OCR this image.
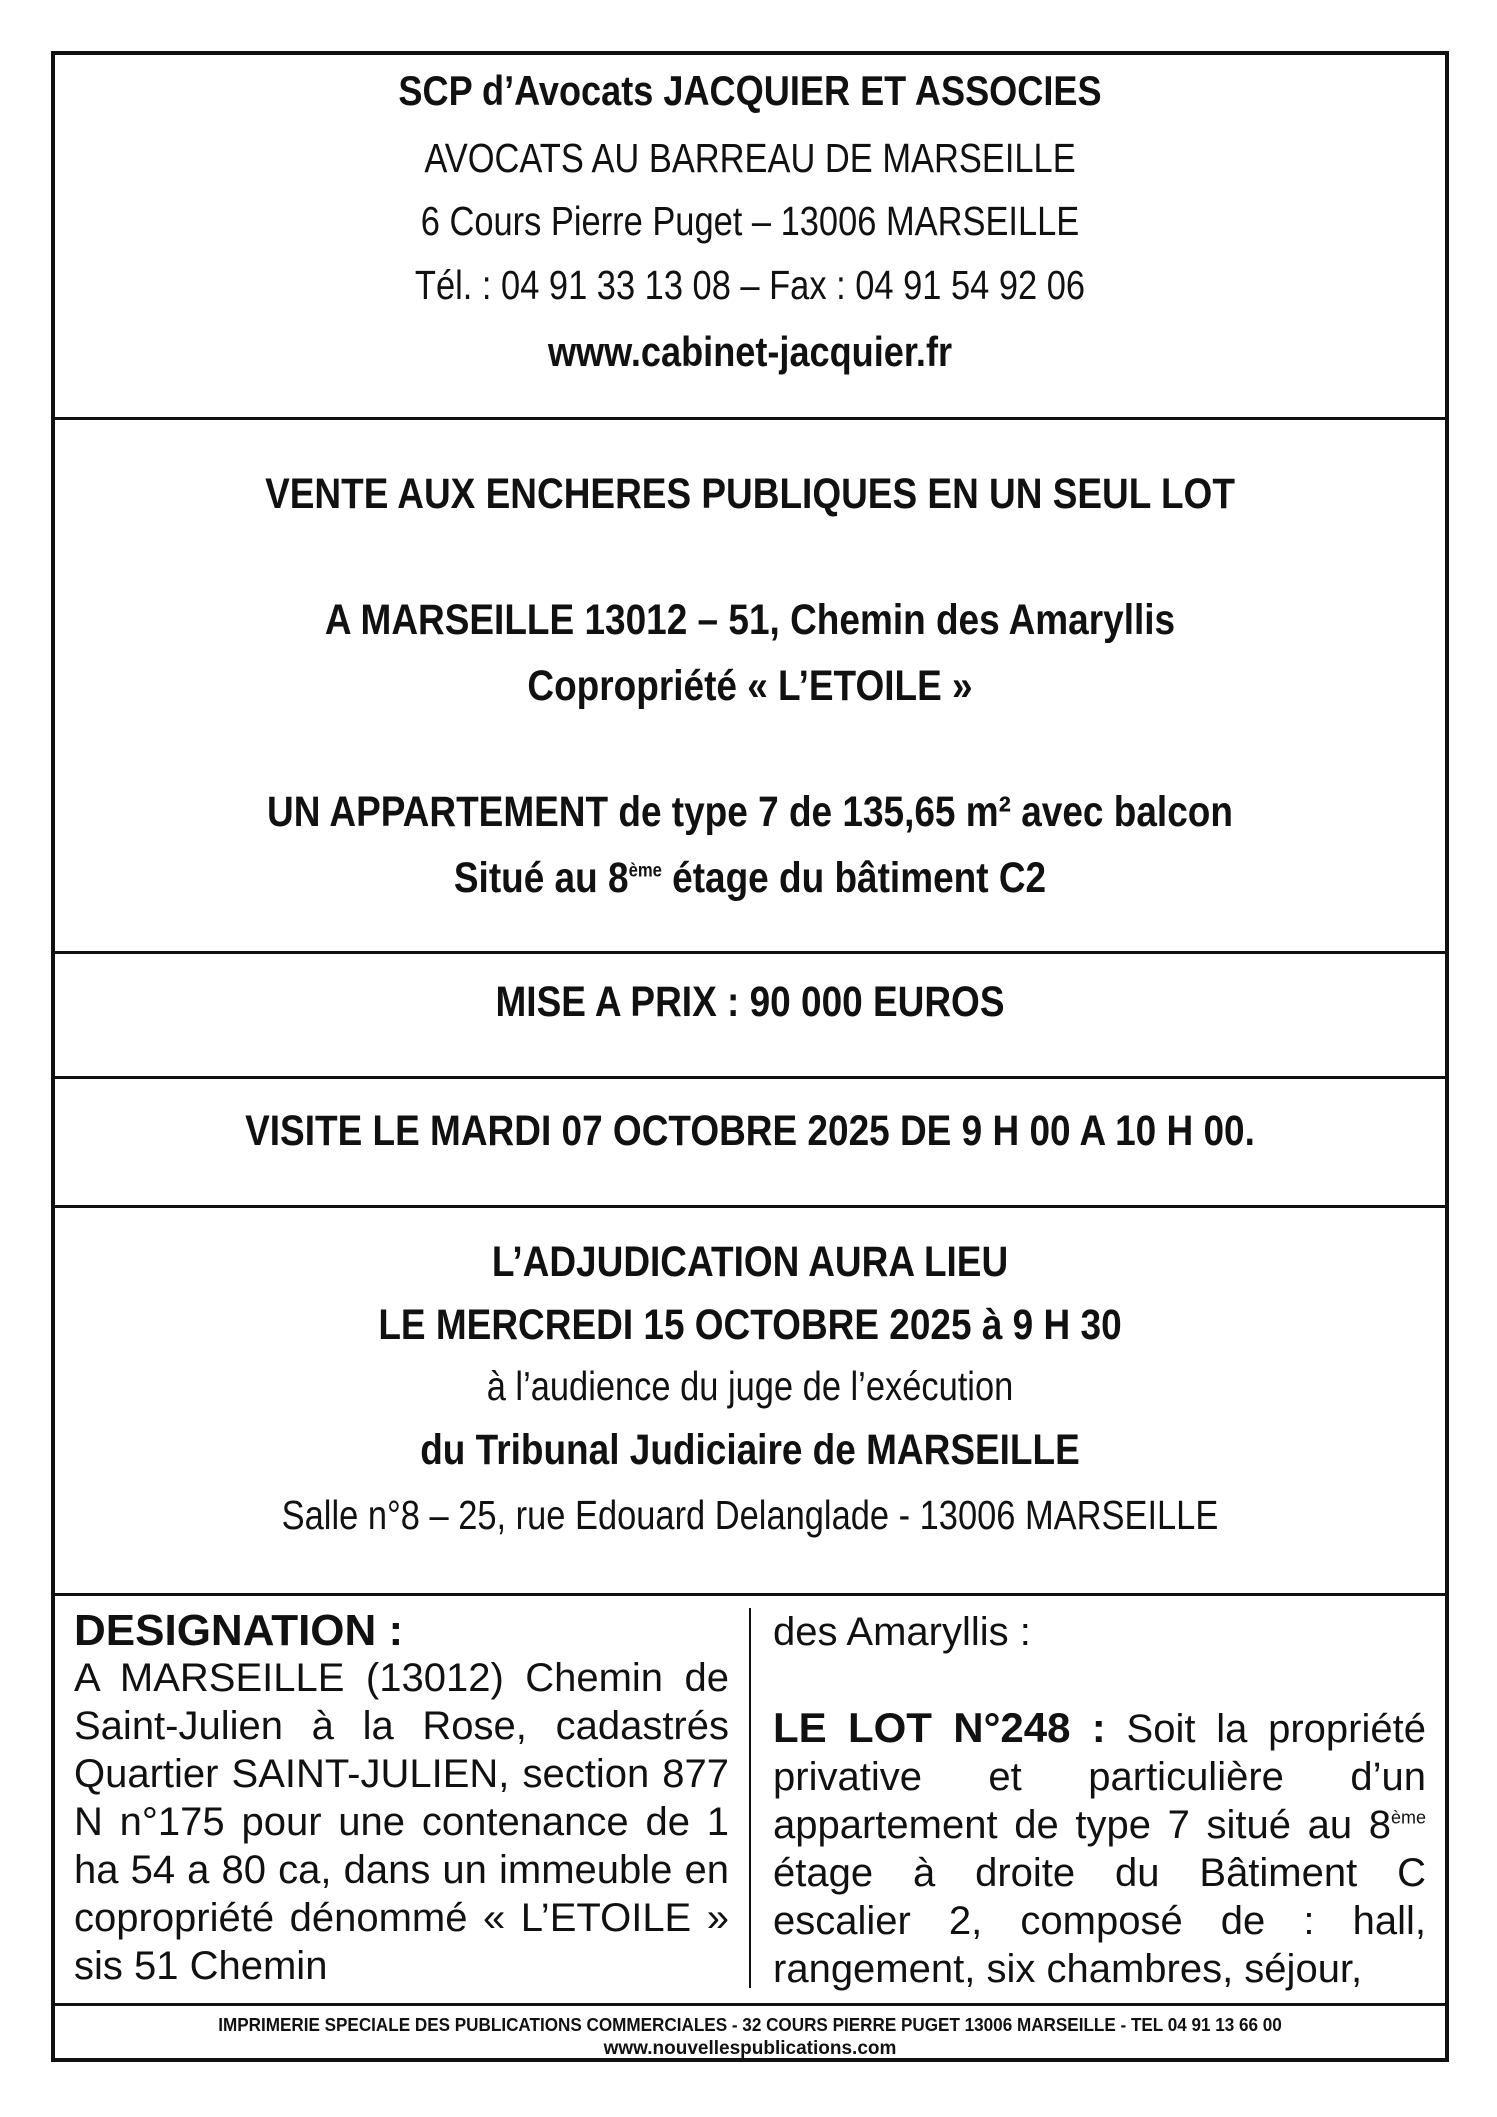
SCP d’Avocats JACQUIER ET ASSOCIES
AVOCATS AU BARREAU DE MARSEILLE
6 Cours Pierre Puget – 13006 MARSEILLE
Tél. : 04 91 33 13 08 – Fax : 04 91 54 92 06
www.cabinet-jacquier.fr
VENTE AUX ENCHERES PUBLIQUES EN UN SEUL LOT
A MARSEILLE 13012 – 51, Chemin des Amaryllis
Copropriété « L’ETOILE »
UN APPARTEMENT de type 7 de 135,65 m² avec balcon
Situé au 8ème étage du bâtiment C2
MISE A PRIX : 90 000 EUROS
VISITE LE MARDI 07 OCTOBRE 2025 DE 9 H 00 A 10 H 00.
L’ADJUDICATION AURA LIEU
LE MERCREDI 15 OCTOBRE 2025 à 9 H 30
à l’audience du juge de l’exécution
du Tribunal Judiciaire de MARSEILLE
Salle n°8 – 25, rue Edouard Delanglade - 13006 MARSEILLE
DESIGNATION :
A MARSEILLE (13012) Chemin de Saint-Julien à la Rose, cadastrés Quartier SAINT-JULIEN, section 877 N n°175 pour une contenance de 1 ha 54 a 80 ca, dans un immeuble en copropriété dénommé « L’ETOILE » sis 51 Chemin
des Amaryllis :
LE LOT N°248 : Soit la propriété privative et particulière d’un appartement de type 7 situé au 8ème étage à droite du Bâtiment C escalier 2, composé de : hall, rangement, six chambres, séjour,
IMPRIMERIE SPECIALE DES PUBLICATIONS COMMERCIALES - 32 COURS PIERRE PUGET 13006 MARSEILLE - TEL 04 91 13 66 00
www.nouvellespublications.com
